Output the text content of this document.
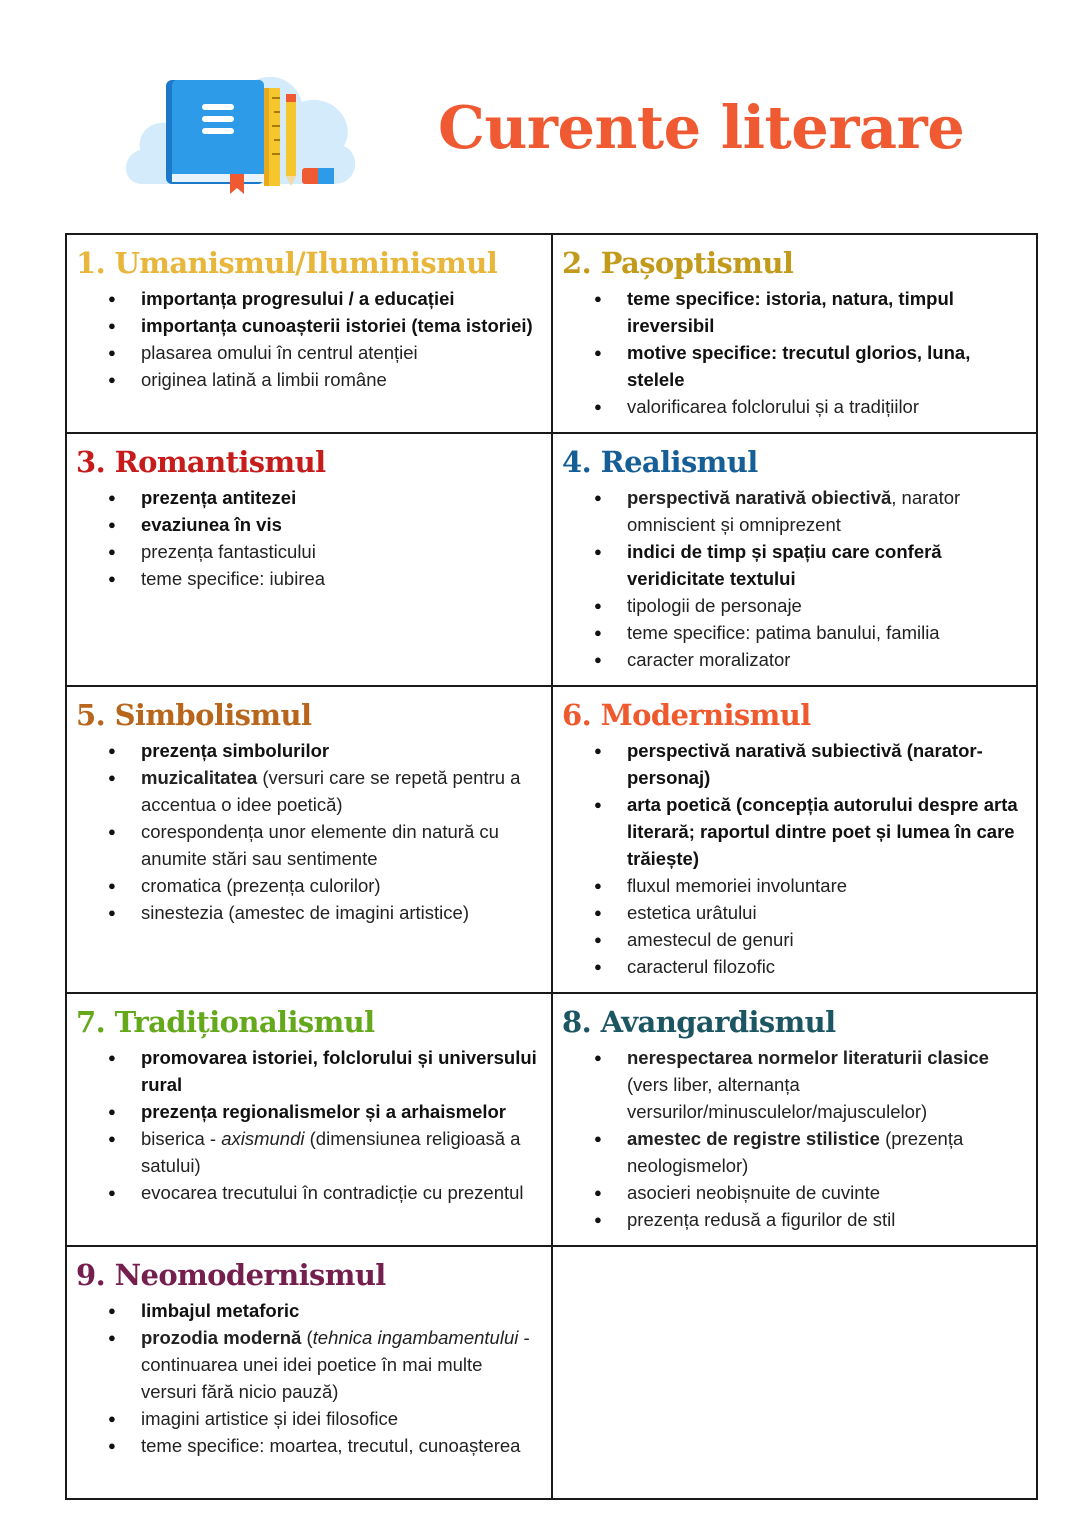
Curente literare
1. Umanismul/Iluminismul
● importanța progresului / a educației
● importanța cunoașterii istoriei (tema istoriei)
● plasarea omului în centrul atenției
● originea latină a limbii române
2. Pașoptismul
● teme specifice: istoria, natura, timpul ireversibil
● motive specifice: trecutul glorios, luna, stelele
● valorificarea folclorului și a tradițiilor
3. Romantismul
● prezența antitezei
● evaziunea în vis
● prezența fantasticului
● teme specifice: iubirea
4. Realismul
● perspectivă narativă obiectivă, narator omniscient și omniprezent
● indici de timp și spațiu care conferă veridicitate textului
● tipologii de personaje
● teme specifice: patima banului, familia
● caracter moralizator
5. Simbolismul
● prezența simbolurilor
● muzicalitatea (versuri care se repetă pentru a accentua o idee poetică)
● corespondența unor elemente din natură cu anumite stări sau sentimente
● cromatica (prezența culorilor)
● sinestezia (amestec de imagini artistice)
6. Modernismul
● perspectivă narativă subiectivă (narator-personaj)
● arta poetică (concepția autorului despre arta literară; raportul dintre poet și lumea în care trăiește)
● fluxul memoriei involuntare
● estetica urâtului
● amestecul de genuri
● caracterul filozofic
7. Tradiționalismul
● promovarea istoriei, folclorului și universului rural
● prezența regionalismelor și a arhaismelor
● biserica - axismundi (dimensiunea religioasă a satului)
● evocarea trecutului în contradicție cu prezentul
8. Avangardismul
● nerespectarea normelor literaturii clasice (vers liber, alternanța versurilor/minusculelor/majusculelor)
● amestec de registre stilistice (prezența neologismelor)
● asocieri neobișnuite de cuvinte
● prezența redusă a figurilor de stil
9. Neomodernismul
● limbajul metaforic
● prozodia modernă (tehnica ingambamentului - continuarea unei idei poetice în mai multe versuri fără nicio pauză)
● imagini artistice și idei filosofice
● teme specifice: moartea, trecutul, cunoașterea
